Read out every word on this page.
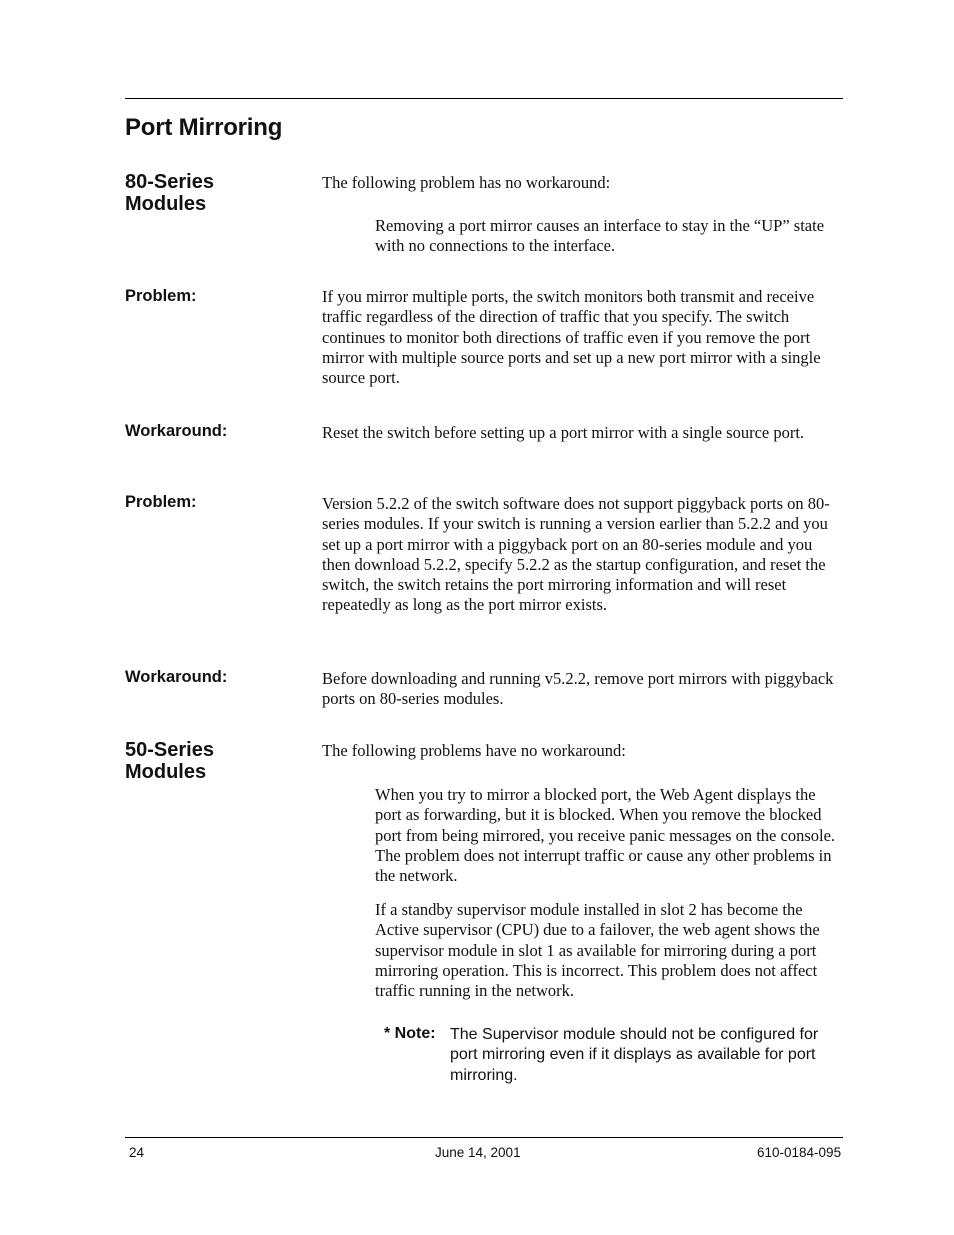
Port Mirroring
80-Series
Modules

The following problem has no workaround:

Removing a port mirror causes an interface to stay in the “UP” state with no connections to the interface.

Problem:	If you mirror multiple ports, the switch monitors both transmit and receive traffic regardless of the direction of traffic that you specify. The switch continues to monitor both directions of traffic even if you remove the port mirror with multiple source ports and set up a new port mirror with a single source port.

Workaround:	Reset the switch before setting up a port mirror with a single source port.

Problem:	Version 5.2.2 of the switch software does not support piggyback ports on 80-series modules. If your switch is running a version earlier than 5.2.2 and you set up a port mirror with a piggyback port on an 80-series module and you then download 5.2.2, specify 5.2.2 as the startup configuration, and reset the switch, the switch retains the port mirroring information and will reset repeatedly as long as the port mirror exists.

Workaround:	Before downloading and running v5.2.2, remove port mirrors with piggyback ports on 80-series modules.

50-Series
Modules

The following problems have no workaround:

When you try to mirror a blocked port, the Web Agent displays the port as forwarding, but it is blocked. When you remove the blocked port from being mirrored, you receive panic messages on the console. The problem does not interrupt traffic or cause any other problems in the network.

If a standby supervisor module installed in slot 2 has become the Active supervisor (CPU) due to a failover, the web agent shows the supervisor module in slot 1 as available for mirroring during a port mirroring operation. This is incorrect. This problem does not affect traffic running in the network.

* Note: The Supervisor module should not be configured for port mirroring even if it displays as available for port mirroring.

24	June 14, 2001	610-0184-095
